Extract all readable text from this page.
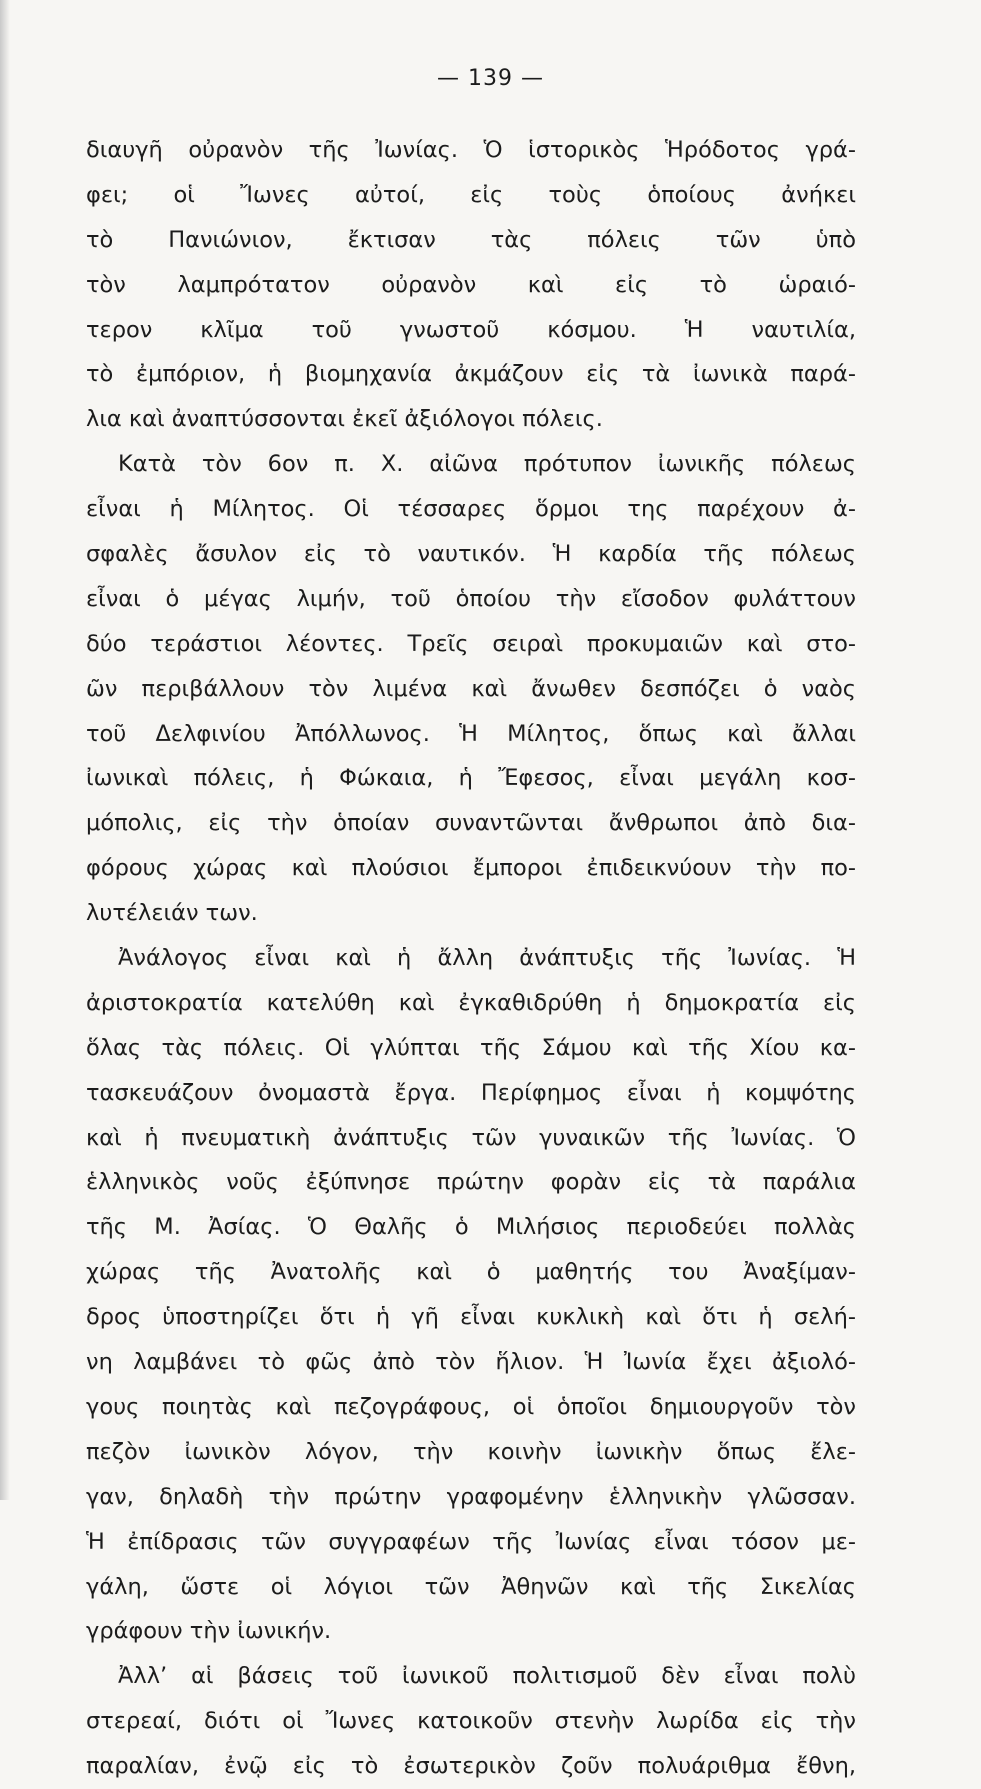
— 139 —
διαυγῆ οὐρανὸν τῆς Ἰωνίας. Ὁ ἱστορικὸς Ἡρόδοτος γρά-
φει; οἱ Ἴωνες αὐτοί, εἰς τοὺς ὁποίους ἀνήκει
τὸ Πανιώνιον, ἔκτισαν τὰς πόλεις τῶν ὑπὸ
τὸν λαμπρότατον οὐρανὸν καὶ εἰς τὸ ὡραιό-
τερον κλῖμα τοῦ γνωστοῦ κόσμου. Ἡ ναυτιλία,
τὸ ἐμπόριον, ἡ βιομηχανία ἀκμάζουν εἰς τὰ ἰωνικὰ παρά-
λια καὶ ἀναπτύσσονται ἐκεῖ ἀξιόλογοι πόλεις.
Κατὰ τὸν 6ον π. Χ. αἰῶνα πρότυπον ἰωνικῆς πόλεως
εἶναι ἡ Μίλητος. Οἱ τέσσαρες ὅρμοι της παρέχουν ἀ-
σφαλὲς ἄσυλον εἰς τὸ ναυτικόν. Ἡ καρδία τῆς πόλεως
εἶναι ὁ μέγας λιμήν, τοῦ ὁποίου τὴν εἴσοδον φυλάττουν
δύο τεράστιοι λέοντες. Τρεῖς σειραὶ προκυμαιῶν καὶ στο-
ῶν περιβάλλουν τὸν λιμένα καὶ ἄνωθεν δεσπόζει ὁ ναὸς
τοῦ Δελφινίου Ἀπόλλωνος. Ἡ Μίλητος, ὅπως καὶ ἄλλαι
ἰωνικαὶ πόλεις, ἡ Φώκαια, ἡ Ἔφεσος, εἶναι μεγάλη κοσ-
μόπολις, εἰς τὴν ὁποίαν συναντῶνται ἄνθρωποι ἀπὸ δια-
φόρους χώρας καὶ πλούσιοι ἔμποροι ἐπιδεικνύουν τὴν πο-
λυτέλειάν των.
Ἀνάλογος εἶναι καὶ ἡ ἄλλη ἀνάπτυξις τῆς Ἰωνίας. Ἡ
ἀριστοκρατία κατελύθη καὶ ἐγκαθιδρύθη ἡ δημοκρατία εἰς
ὅλας τὰς πόλεις. Οἱ γλύπται τῆς Σάμου καὶ τῆς Χίου κα-
τασκευάζουν ὀνομαστὰ ἔργα. Περίφημος εἶναι ἡ κομψότης
καὶ ἡ πνευματικὴ ἀνάπτυξις τῶν γυναικῶν τῆς Ἰωνίας. Ὁ
ἑλληνικὸς νοῦς ἐξύπνησε πρώτην φορὰν εἰς τὰ παράλια
τῆς Μ. Ἀσίας. Ὁ Θαλῆς ὁ Μιλήσιος περιοδεύει πολλὰς
χώρας τῆς Ἀνατολῆς καὶ ὁ μαθητής του Ἀναξίμαν-
δρος ὑποστηρίζει ὅτι ἡ γῆ εἶναι κυκλικὴ καὶ ὅτι ἡ σελή-
νη λαμβάνει τὸ φῶς ἀπὸ τὸν ἥλιον. Ἡ Ἰωνία ἔχει ἀξιολό-
γους ποιητὰς καὶ πεζογράφους, οἱ ὁποῖοι δημιουργοῦν τὸν
πεζὸν ἰωνικὸν λόγον, τὴν κοινὴν ἰωνικὴν ὅπως ἔλε-
γαν, δηλαδὴ τὴν πρώτην γραφομένην ἑλληνικὴν γλῶσσαν.
Ἡ ἐπίδρασις τῶν συγγραφέων τῆς Ἰωνίας εἶναι τόσον με-
γάλη, ὥστε οἱ λόγιοι τῶν Ἀθηνῶν καὶ τῆς Σικελίας
γράφουν τὴν ἰωνικήν.
Ἀλλ’ αἱ βάσεις τοῦ ἰωνικοῦ πολιτισμοῦ δὲν εἶναι πολὺ
στερεαί, διότι οἱ Ἴωνες κατοικοῦν στενὴν λωρίδα εἰς τὴν
παραλίαν, ἐνῷ εἰς τὸ ἐσωτερικὸν ζοῦν πολυάριθμα ἔθνη,
